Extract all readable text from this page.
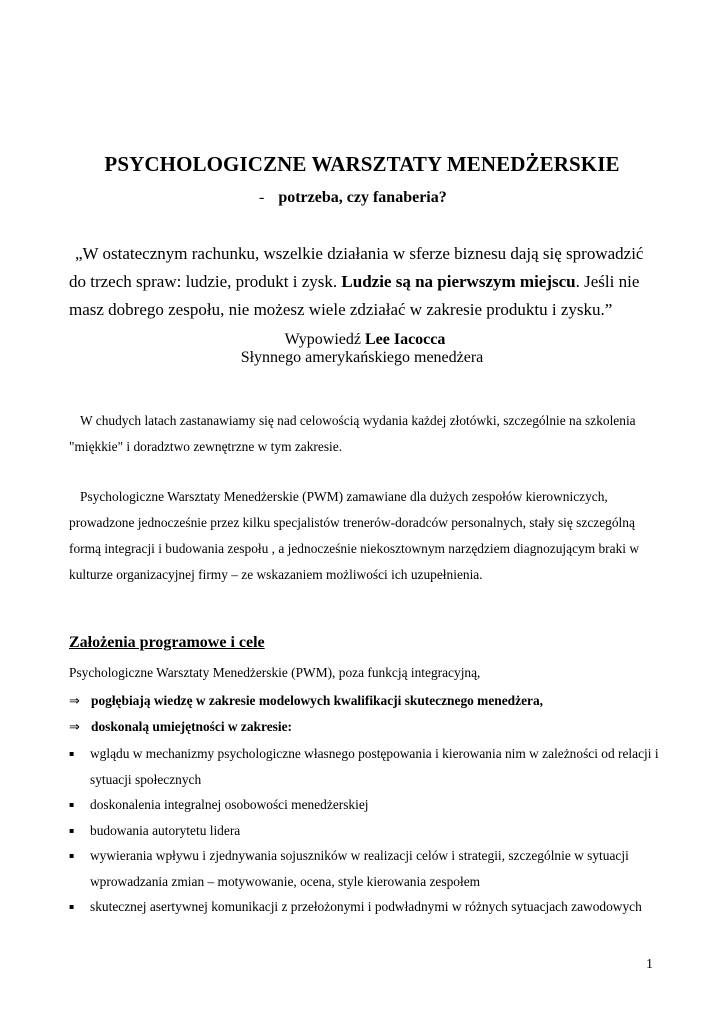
PSYCHOLOGICZNE WARSZTATY MENEDŻERSKIE
- potrzeba, czy fanaberia?
„W ostatecznym rachunku, wszelkie działania w sferze biznesu dają się sprowadzić do trzech spraw: ludzie, produkt i zysk. Ludzie są na pierwszym miejscu. Jeśli nie masz dobrego zespołu, nie możesz wiele zdziałać w zakresie produktu i zysku.”
Wypowiedź Lee Iacocca
Słynnego amerykańskiego menedżera
W chudych latach zastanawiamy się nad celowością wydania każdej złotówki, szczególnie na szkolenia "miękkie" i doradztwo zewnętrzne w tym zakresie.
Psychologiczne Warsztaty Menedżerskie (PWM) zamawiane dla dużych zespołów kierowniczych, prowadzone jednocześnie przez kilku specjalistów trenerów-doradców personalnych, stały się szczególną formą integracji i budowania zespołu , a jednocześnie niekosztownym narzędziem diagnozującym braki w kulturze organizacyjnej firmy – ze wskazaniem możliwości ich uzupełnienia.
Założenia programowe i cele
Psychologiczne Warsztaty Menedżerskie (PWM), poza funkcją integracyjną,
⇒ pogłębiają wiedzę w zakresie modelowych kwalifikacji skutecznego menedżera,
⇒ doskonalą umiejętności w zakresie:
▪ wglądu w mechanizmy psychologiczne własnego postępowania i kierowania nim w zależności od relacji i sytuacji społecznych
▪ doskonalenia integralnej osobowości menedżerskiej
▪ budowania autorytetu lidera
▪ wywierania wpływu i zjednywania sojuszników w realizacji celów i strategii, szczególnie w sytuacji wprowadzania zmian – motywowanie, ocena, style kierowania zespołem
▪ skutecznej asertywnej komunikacji z przełożonymi i podwładnymi w różnych sytuacjach zawodowych
1
